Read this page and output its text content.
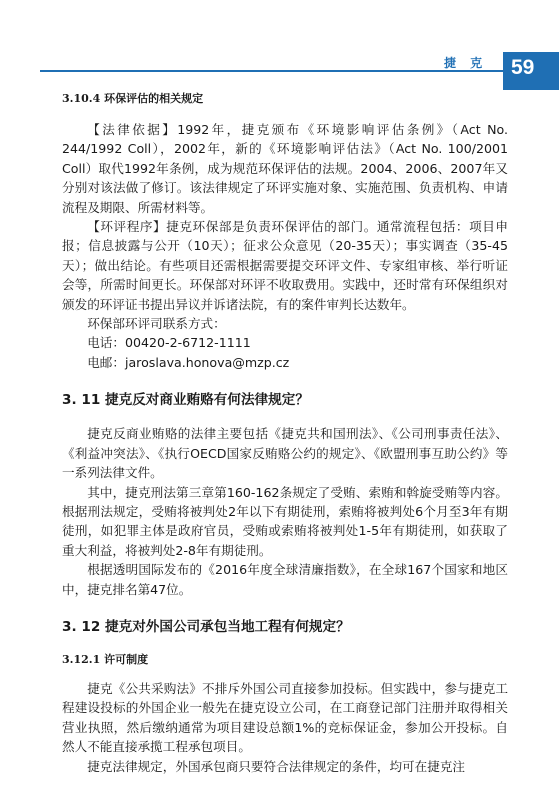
捷 克 59
3.10.4 环保评估的相关规定

【法律依据】1992年，捷克颁布《环境影响评估条例》（Act No. 244/1992 Coll），2002年，新的《环境影响评估法》（Act No. 100/2001 Coll）取代1992年条例，成为规范环保评估的法规。2004、2006、2007年又分别对该法做了修订。该法律规定了环评实施对象、实施范围、负责机构、申请流程及期限、所需材料等。

【环评程序】捷克环保部是负责环保评估的部门。通常流程包括：项目申报；信息披露与公开（10天）；征求公众意见（20-35天）；事实调查（35-45天）；做出结论。有些项目还需根据需要提交环评文件、专家组审核、举行听证会等，所需时间更长。环保部对环评不收取费用。实践中，还时常有环保组织对颁发的环评证书提出异议并诉诸法院，有的案件审判长达数年。

环保部环评司联系方式：

电话：00420-2-6712-1111

电邮：jaroslava.honova@mzp.cz

3. 11 捷克反对商业贿赂有何法律规定？

捷克反商业贿赂的法律主要包括《捷克共和国刑法》、《公司刑事责任法》、《利益冲突法》、《执行OECD国家反贿赂公约的规定》、《欧盟刑事互助公约》等一系列法律文件。

其中，捷克刑法第三章第160-162条规定了受贿、索贿和斡旋受贿等内容。根据刑法规定，受贿将被判处2年以下有期徒刑，索贿将被判处6个月至3年有期徒刑，如犯罪主体是政府官员，受贿或索贿将被判处1-5年有期徒刑，如获取了重大利益，将被判处2-8年有期徒刑。

根据透明国际发布的《2016年度全球清廉指数》，在全球167个国家和地区中，捷克排名第47位。

3. 12 捷克对外国公司承包当地工程有何规定？
3.12.1 许可制度

捷克《公共采购法》不排斥外国公司直接参加投标。但实践中，参与捷克工程建设投标的外国企业一般先在捷克设立公司，在工商登记部门注册并取得相关营业执照，然后缴纳通常为项目建设总额1%的竞标保证金，参加公开投标。自然人不能直接承揽工程承包项目。

捷克法律规定，外国承包商只要符合法律规定的条件，均可在捷克注
